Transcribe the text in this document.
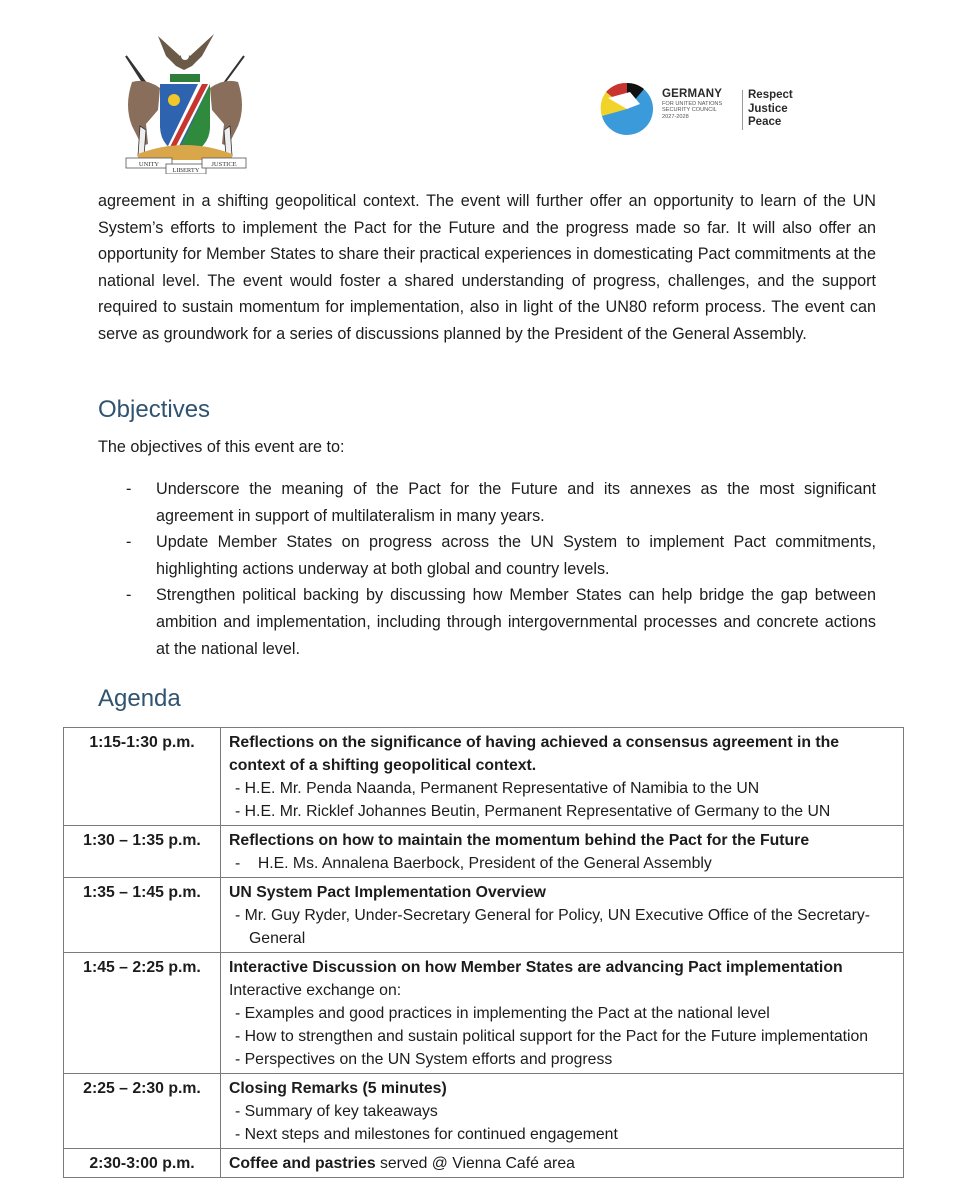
UNITY
LIBERTY
JUSTICE
GERMANY
FOR UNITED NATIONS
SECURITY COUNCIL
2027-2028
Respect
Justice
Peace

agreement in a shifting geopolitical context. The event will further offer an opportunity to learn of the UN System’s efforts to implement the Pact for the Future and the progress made so far. It will also offer an opportunity for Member States to share their practical experiences in domesticating Pact commitments at the national level. The event would foster a shared understanding of progress, challenges, and the support required to sustain momentum for implementation, also in light of the UN80 reform process. The event can serve as groundwork for a series of discussions planned by the President of the General Assembly.

Objectives

The objectives of this event are to:

- Underscore the meaning of the Pact for the Future and its annexes as the most significant agreement in support of multilateralism in many years.
- Update Member States on progress across the UN System to implement Pact commitments, highlighting actions underway at both global and country levels.
- Strengthen political backing by discussing how Member States can help bridge the gap between ambition and implementation, including through intergovernmental processes and concrete actions at the national level.
Agenda
1:15-1:30 p.m.	Reflections on the significance of having achieved a consensus agreement in the context of a shifting geopolitical context.
- H.E. Mr. Penda Naanda, Permanent Representative of Namibia to the UN
- H.E. Mr. Ricklef Johannes Beutin, Permanent Representative of Germany to the UN

1:30 – 1:35 p.m.	Reflections on how to maintain the momentum behind the Pact for the Future
-    H.E. Ms. Annalena Baerbock, President of the General Assembly

1:35 – 1:45 p.m.	UN System Pact Implementation Overview
- Mr. Guy Ryder, Under-Secretary General for Policy, UN Executive Office of the Secretary-General

1:45 – 2:25 p.m.	Interactive Discussion on how Member States are advancing Pact implementation
Interactive exchange on:
- Examples and good practices in implementing the Pact at the national level
- How to strengthen and sustain political support for the Pact for the Future implementation
- Perspectives on the UN System efforts and progress

2:25 – 2:30 p.m.	Closing Remarks (5 minutes)
- Summary of key takeaways
- Next steps and milestones for continued engagement

2:30-3:00 p.m.	Coffee and pastries served @ Vienna Café area
